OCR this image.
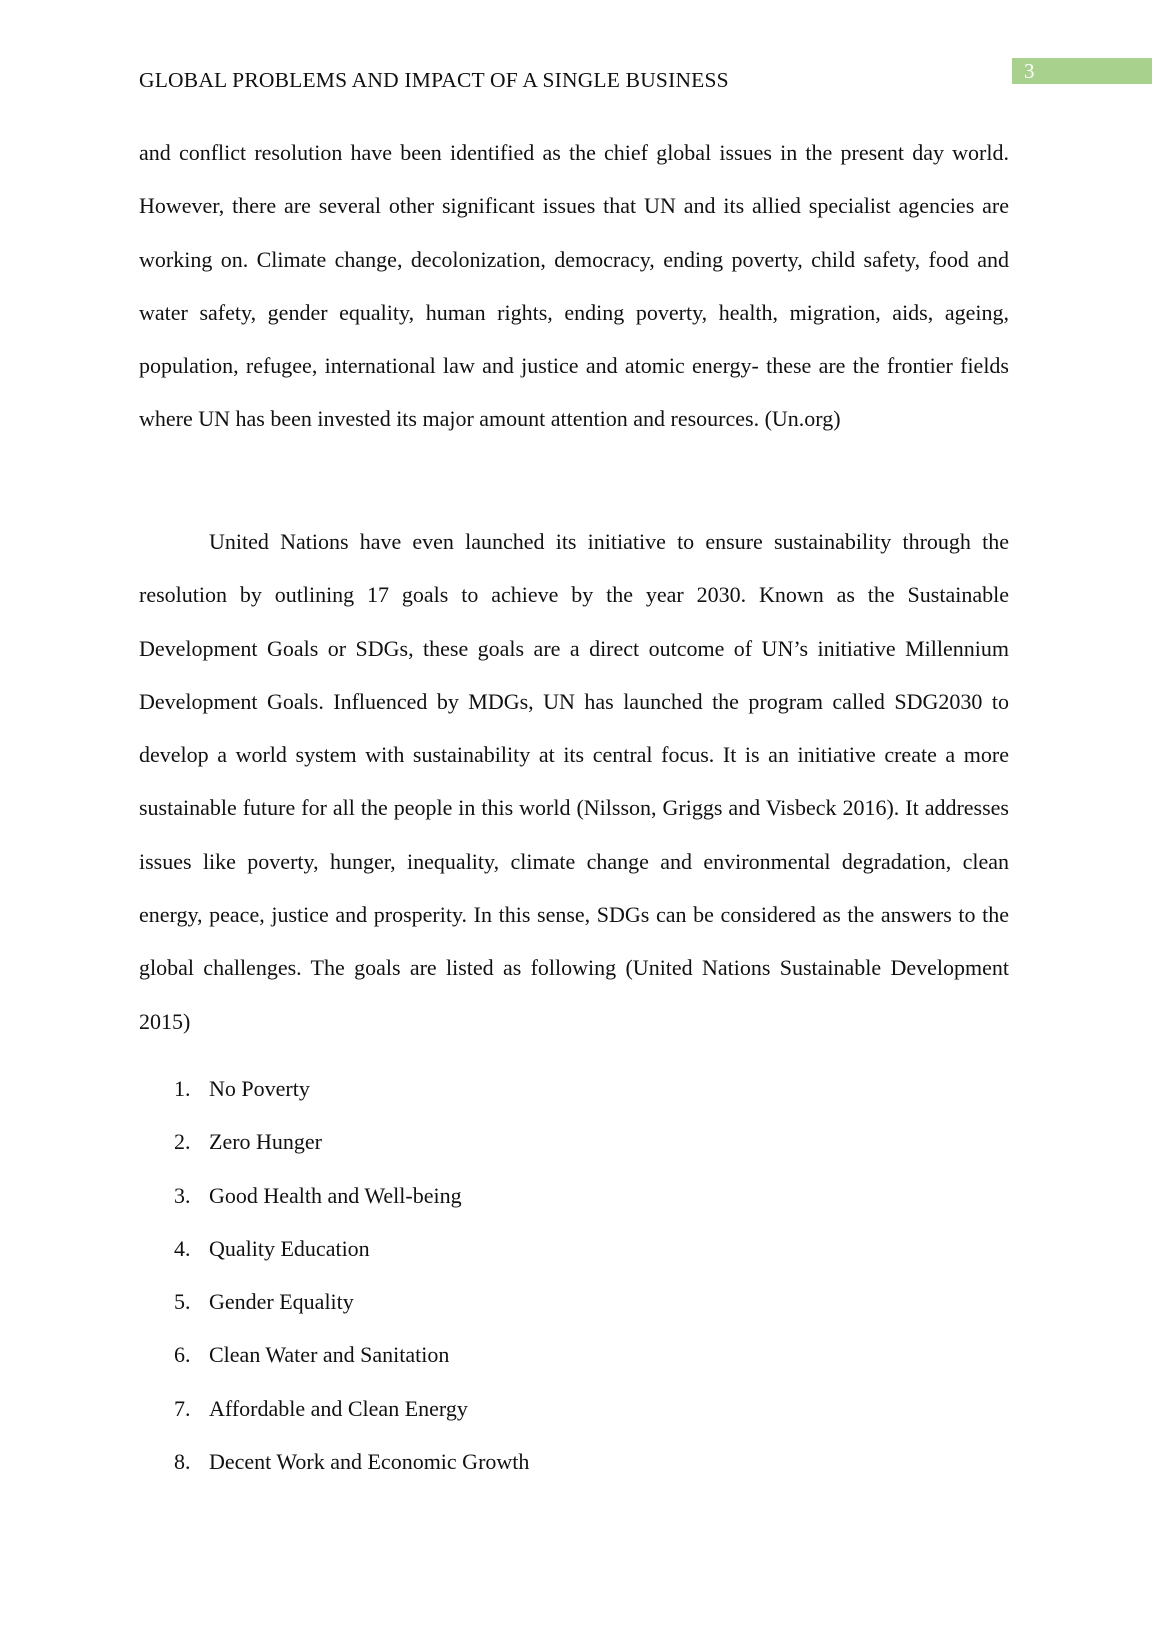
3
GLOBAL PROBLEMS AND IMPACT OF A SINGLE BUSINESS

and conflict resolution have been identified as the chief global issues in the present day world. However, there are several other significant issues that UN and its allied specialist agencies are working on. Climate change, decolonization, democracy, ending poverty, child safety, food and water safety, gender equality, human rights, ending poverty, health, migration, aids, ageing, population, refugee, international law and justice and atomic energy- these are the frontier fields where UN has been invested its major amount attention and resources. (Un.org)

United Nations have even launched its initiative to ensure sustainability through the resolution by outlining 17 goals to achieve by the year 2030. Known as the Sustainable Development Goals or SDGs, these goals are a direct outcome of UN’s initiative Millennium Development Goals. Influenced by MDGs, UN has launched the program called SDG2030 to develop a world system with sustainability at its central focus. It is an initiative create a more sustainable future for all the people in this world (Nilsson, Griggs and Visbeck 2016). It addresses issues like poverty, hunger, inequality, climate change and environmental degradation, clean energy, peace, justice and prosperity. In this sense, SDGs can be considered as the answers to the global challenges. The goals are listed as following (United Nations Sustainable Development 2015)

1. No Poverty
2. Zero Hunger
3. Good Health and Well-being
4. Quality Education
5. Gender Equality
6. Clean Water and Sanitation
7. Affordable and Clean Energy
8. Decent Work and Economic Growth
